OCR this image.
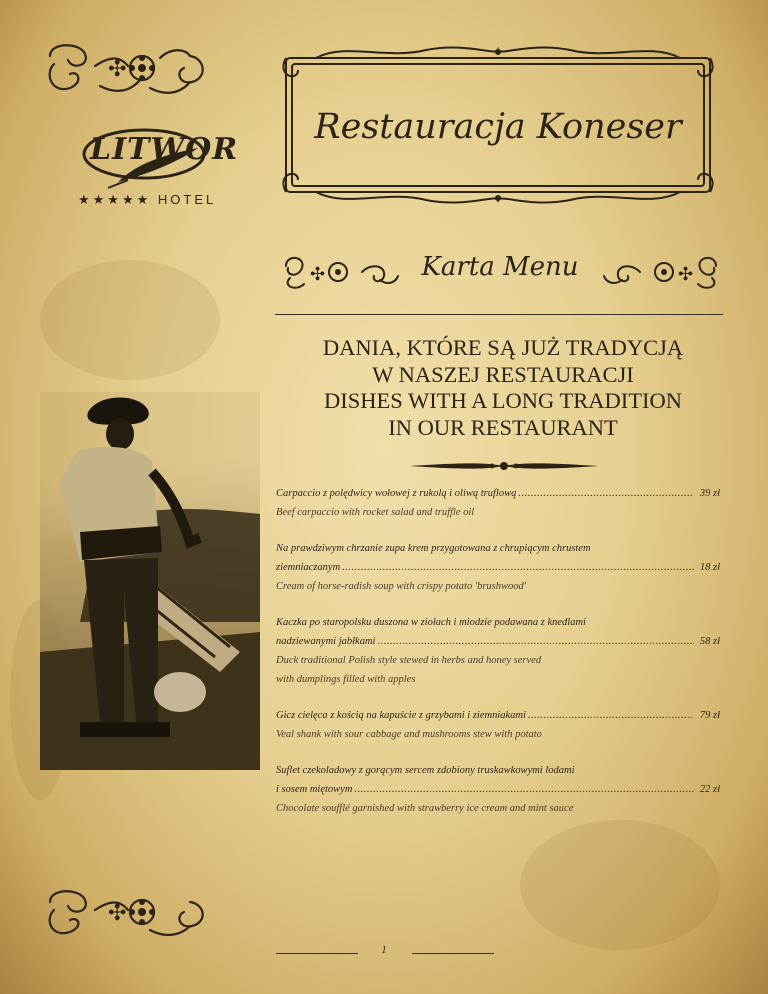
✣
LITWOR
★★★★★ HOTEL
Restauracja Koneser
✣	Karta Menu	✣
DANIA, KTÓRE SĄ JUŻ TRADYCJĄ
W NASZEJ RESTAURACJI
DISHES WITH A LONG TRADITION
IN OUR RESTAURANT
Carpaccio z polędwicy wołowej z rukolą i oliwą truflową .....	39 zł
Beef carpaccio with rocket salad and truffle oil
Na prawdziwym chrzanie zupa krem przygotowana z chrupiącym chrustem
ziemniaczanym .....	18 zł
Cream of horse-radish soup with crispy potato 'brushwood'
Kaczka po staropolsku duszona w ziołach i miodzie podawana z knedlami
nadziewanymi jabłkami .....	58 zł
Duck traditional Polish style stewed in herbs and honey served
with dumplings filled with apples
Gicz cielęca z kością na kapuście z grzybami i ziemniakami .....	79 zł
Veal shank with sour cabbage and mushrooms stew with potato
Suflet czekoladowy z gorącym sercem zdobiony truskawkowymi lodami
i sosem miętowym .....	22 zł
Chocolate soufflé garnished with strawberry ice cream and mint sauce
✣
1
